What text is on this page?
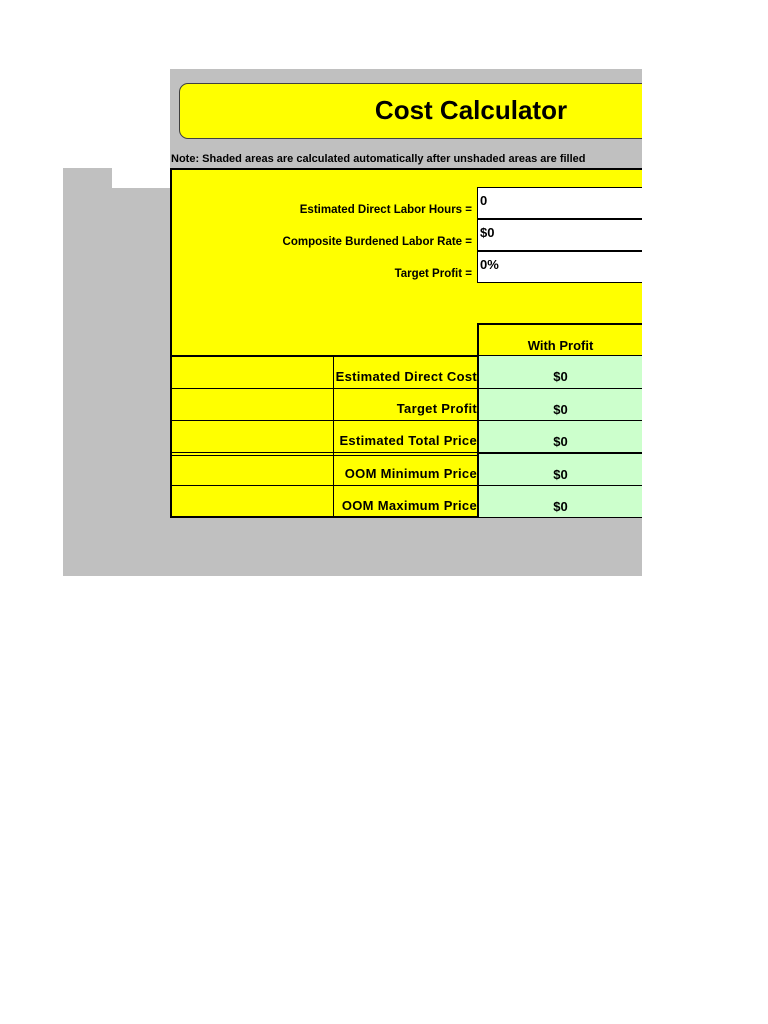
Cost Calculator
Note: Shaded areas are calculated automatically after unshaded areas are filled
Estimated Direct Labor Hours =
0
Composite Burdened Labor Rate =
$0
Target Profit =
0%
With Profit
Estimated Direct Cost	$0
Target Profit	$0
Estimated Total Price	$0
OOM Minimum Price	$0
OOM Maximum Price	$0
